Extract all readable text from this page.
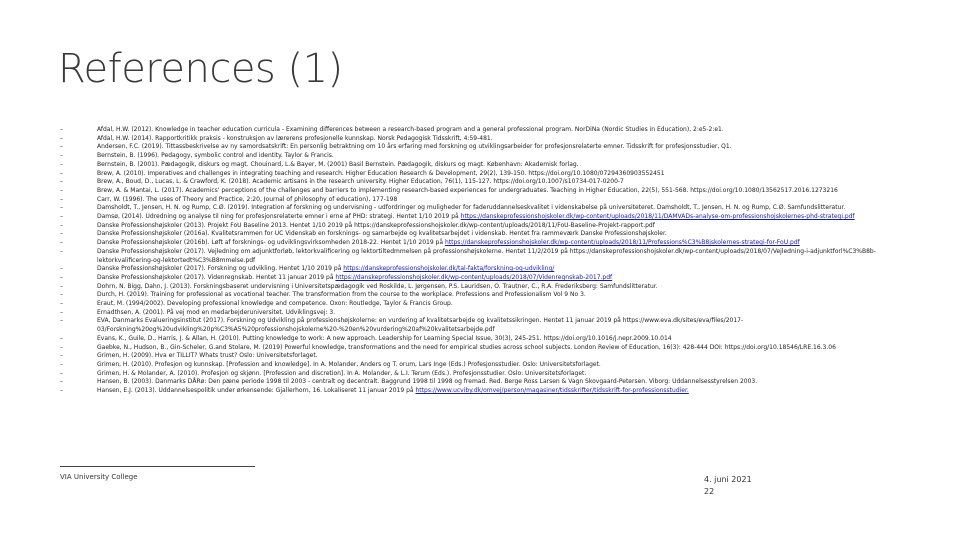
References (1)
–	Afdal, H.W. (2012). Knowledge in teacher education curricula - Examining differences between a research-based program and a general professional program. NorDiNa (Nordic Studies in Education), 2:e5-2:e1.
–	Afdal, H.W. (2014). Rapportkritikk praksis - konstruksjon av lærerens profesjonelle kunnskap. Norsk Pedagogisk Tidsskrift, 4:59-481.
–	Andersen, F.C. (2019). Tittassbeskrivelse av ny samordsatskrift: En personlig betraktning om 10 års erfaring med forskning og utviklingsarbeider for profesjonsrelaterte emner. Tidsskrift for profesjonsstudier, Q1.
–	Bernstein, B. (1996). Pedagogy, symbolic control and identity. Taylor & Francis.
–	Bernstein, B. (2001). Pædagogik, diskurs og magt. Chouinard, L.& Bayer, M. (2001) Basil Bernstein. Pædagogik, diskurs og magt. København: Akademisk forlag.
–	Brew, A. (2010). Imperatives and challenges in integrating teaching and research. Higher Education Research & Development, 29(2), 139-150. https://doi.org/10.1080/07294360903552451
–	Brew, A., Boud, D., Lucas, L. & Crawford, K. (2018). Academic artisans in the research university. Higher Education, 76(1), 115-127. https://doi.org/10.1007/s10734-017-0200-7
–	Brew, A. & Mantai, L. (2017). Academics' perceptions of the challenges and barriers to implementing research-based experiences for undergraduates. Teaching in Higher Education, 22(5), 551-568. https://doi.org/10.1080/13562517.2016.1273216
–	Carr, W. (1996). The uses of Theory and Practice, 2:20, Journal of philosophy of education), 177-198
–	Damsholdt, T., Jensen, H. N. og Rump, C.Ø. (2019). Integration af forskning og undervisning - udfordringer og muligheder for faderuddannelseskvalitet i videnskabelse på universiteteret. Damsholdt, T., Jensen, H. N. og Rump, C.Ø. Samfundslitteratur.
–	Damsø, (2014). Udredning og analyse til ning for profesjonsrelaterte emner i erne af PHD: strategi. Hentet 1/10 2019 på https://danskeprofessionshojskoler.dk/wp-content/uploads/2018/11/DAMVADs-analyse-om-professionshojskolernes-phd-strategi.pdf
–	Danske Professionshøjskoler (2013). Projekt FoU Baseline 2013. Hentet 1/10 2019 på https://danskeprofessionshojskoler.dk/wp-content/uploads/2018/11/FoU-Baseline-Projekt-rapport.pdf
–	Danske Professionshøjskoler (2016a). Kvalitetsrammen for UC Videnskab en forsknings- og samarbejde og kvalitetsarbejdet i videnskab. Hentet fra rammeværk Danske Professionshøjskoler.
–	Danske Professionshøjskoler (2016b). Løft af forsknings- og udviklingsvirksomheden 2018-22. Hentet 1/10 2019 på https://danskeprofessionshojskoler.dk/wp-content/uploads/2018/11/Professions%C3%B8jskolernes-strategi-for-FoU.pdf
–	Danske Professionshøjskoler (2017). Vejledning om adjunktforløb, lektorkvalificering og lektortiltedmmelsen på professionshøjskolerne. Hentet 11/2/2019 på https://danskeprofessionshojskoler.dk/wp-content/uploads/2018/07/Vejledning-i-adjunktforl%C3%B8b-lektorkvalificering-og-lektortedt%C3%B8mmelse.pdf
–	Danske Professionshøjskoler (2017). Forskning og udvikling. Hentet 1/10 2019 på https://danskeprofessionshojskoler.dk/tal-fakta/forskning-og-udvikling/
–	Danske Professionshøjskoler (2017). Videnregnskab. Hentet 11 januar 2019 på https://danskeprofessionshojskoler.dk/wp-content/uploads/2018/07/Videnregnskab-2017.pdf
–	Dohrn, N. Bigg, Dahn, J. (2013). Forskningsbaseret undervisning i Universitetspædagogik ved Roskilde, L. Jørgensen, P.S. Lauridsen, O. Trautner, C., R.A. Frederiksberg: Samfundslitteratur.
–	Durch, H. (2019). Training for professional as vocational teacher. The transformation from the course to the workplace. Professions and Professionalism Vol 9 No 3.
–	Eraut, M. (1994/2002). Developing professional knowledge and competence. Oxon: Routledge, Taylor & Francis Group.
–	Ernadthsen, A. (2001). På vej mod en medarbejderuniversitet. Udviklingsvej: 3.
–	EVA, Danmarks Evalueringsinstitut (2017). Forskning og Udvikling på professionshøjskolerne: en vurdering af kvalitetsarbejde og kvalitetssikringen. Hentet 11 januar 2019 på https://www.eva.dk/sites/eva/files/2017-03/Forskning%20og%20udvikling%20p%C3%A5%20professionshojskolerne%20-%20en%20vurdering%20af%20kvalitetsarbejde.pdf
–	Evans, K., Guile, D., Harris, J. & Allan, H. (2010). Putting knowledge to work: A new approach. Leadership for Learning Special Issue, 30(3), 245-251. https://doi.org/10.1016/j.nepr.2009.10.014
–	Gaebke, N., Hudson, B., Gin-Scheler, G.and Stolare, M. (2019) Powerful knowledge, transformations and the need for empirical studies across school subjects. London Review of Education, 16(3): 428-444 DOI: https://doi.org/10.18546/LRE.16.3.06
–	Grimen, H. (2009). Hva er TILLIT? Whats trust? Oslo: Universitetsforlaget.
–	Grimen, H. (2010). Profesjon og kunnskap. [Profession and knowledge]. In A. Molander, Anders og T. orum, Lars Inge (Eds.) Profesjonsstudier. Oslo: Universitetsforlaget.
–	Grimen, H. & Molander, A. (2010). Profesjon og skjønn. [Profession and discretion]. In A. Molander, & L.I. Terum (Eds.). Profesjonsstudier. Oslo: Universitetsforlaget.
–	Hansen, B. (2003). Danmarks DÅRø: Den pæne periode 1998 til 2003 - centralt og decentralt. Baggrund 1998 til 1998 og fremad. Red. Berge Ross Larsen & Vagn Skovgaard-Petersen. Viborg: Uddannelsesstyrelsen 2003.
–	Hansen, E.J. (2013). Uddannelsespolitik under ørkensende: Gjallerhorn, 16. Lokaliseret 11 januar 2019 på https://www.ucviby.dk/omvej/person/magasiner/tidsskrifter/tidsskrift-for-professionsstudier.
VIA University College	4. juni 2021
22
